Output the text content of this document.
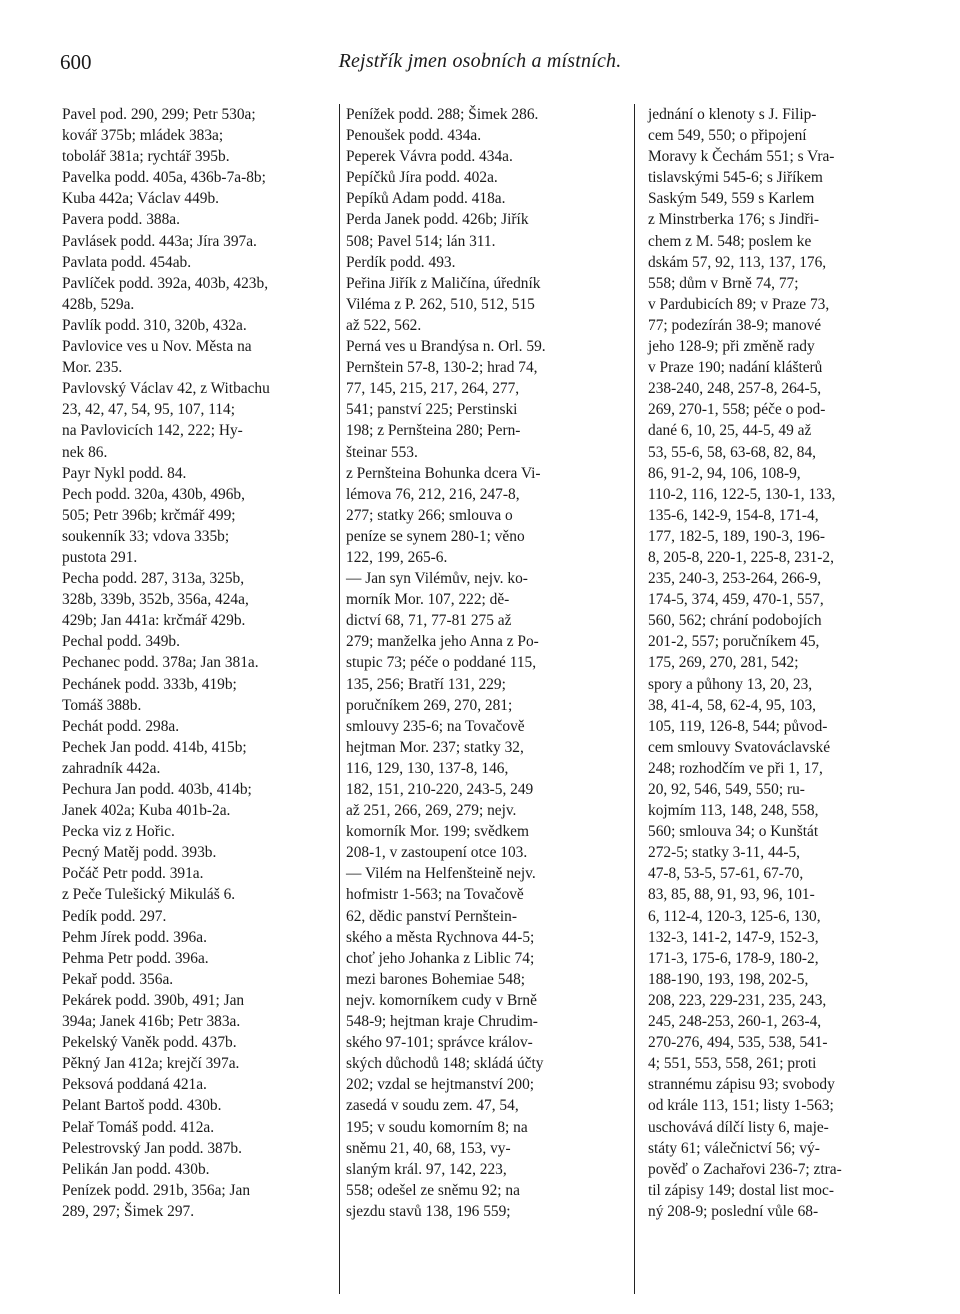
600	Rejstřík jmen osobních a místních.
Pavel pod. 290, 299; Petr 530a;
kovář 375b; mládek 383a;
tobolář 381a; rychtář 395b.
Pavelka podd. 405a, 436b-7a-8b;
Kuba 442a; Václav 449b.
Pavera podd. 388a.
Pavlásek podd. 443a; Jíra 397a.
Pavlata podd. 454ab.
Pavlíček podd. 392a, 403b, 423b,
428b, 529a.
Pavlík podd. 310, 320b, 432a.
Pavlovice ves u Nov. Města na
Mor. 235.
Pavlovský Václav 42, z Witbachu
23, 42, 47, 54, 95, 107, 114;
na Pavlovicích 142, 222; Hy-
nek 86.
Payr Nykl podd. 84.
Pech podd. 320a, 430b, 496b,
505; Petr 396b; krčmář 499;
soukenník 33; vdova 335b;
pustota 291.
Pecha podd. 287, 313a, 325b,
328b, 339b, 352b, 356a, 424a,
429b; Jan 441a: krčmář 429b.
Pechal podd. 349b.
Pechanec podd. 378a; Jan 381a.
Pechánek podd. 333b, 419b;
Tomáš 388b.
Pechát podd. 298a.
Pechek Jan podd. 414b, 415b;
zahradník 442a.
Pechura Jan podd. 403b, 414b;
Janek 402a; Kuba 401b-2a.
Pecka viz z Hořic.
Pecný Matěj podd. 393b.
Počáč Petr podd. 391a.
z Peče Tulešický Mikuláš 6.
Pedík podd. 297.
Pehm Jírek podd. 396a.
Pehma Petr podd. 396a.
Pekař podd. 356a.
Pekárek podd. 390b, 491; Jan
394a; Janek 416b; Petr 383a.
Pekelský Vaněk podd. 437b.
Pěkný Jan 412a; krejčí 397a.
Peksová poddaná 421a.
Pelant Bartoš podd. 430b.
Pelař Tomáš podd. 412a.
Pelestrovský Jan podd. 387b.
Pelikán Jan podd. 430b.
Penízek podd. 291b, 356a; Jan
289, 297; Šimek 297.
Penížek podd. 288; Šimek 286.
Penoušek podd. 434a.
Peperek Vávra podd. 434a.
Pepíčků Jíra podd. 402a.
Pepíků Adam podd. 418a.
Perda Janek podd. 426b; Jiřík
508; Pavel 514; lán 311.
Perdík podd. 493.
Peřina Jiřík z Maličína, úředník
Viléma z P. 262, 510, 512, 515
až 522, 562.
Perná ves u Brandýsa n. Orl. 59.
Pernštein 57-8, 130-2; hrad 74,
77, 145, 215, 217, 264, 277,
541; panství 225; Perstinski
198; z Pernšteina 280; Pern-
šteinar 553.
z Pernšteina Bohunka dcera Vi-
lémova 76, 212, 216, 247-8,
277; statky 266; smlouva o
peníze se synem 280-1; věno
122, 199, 265-6.
— Jan syn Vilémův, nejv. ko-
morník Mor. 107, 222; dě-
dictví 68, 71, 77-81 275 až
279; manželka jeho Anna z Po-
stupic 73; péče o poddané 115,
135, 256; Bratří 131, 229;
poručníkem 269, 270, 281;
smlouvy 235-6; na Tovačově
hejtman Mor. 237; statky 32,
116, 129, 130, 137-8, 146,
182, 151, 210-220, 243-5, 249
až 251, 266, 269, 279; nejv.
komorník Mor. 199; svědkem
208-1, v zastoupení otce 103.
— Vilém na Helfenšteině nejv.
hofmistr 1-563; na Tovačově
62, dědic panství Pernštein-
ského a města Rychnova 44-5;
choť jeho Johanka z Liblic 74;
mezi barones Bohemiae 548;
nejv. komorníkem cudy v Brně
548-9; hejtman kraje Chrudim-
ského 97-101; správce králov-
ských důchodů 148; skládá účty
202; vzdal se hejtmanství 200;
zasedá v soudu zem. 47, 54,
195; v soudu komorním 8; na
sněmu 21, 40, 68, 153, vy-
slaným král. 97, 142, 223,
558; odešel ze sněmu 92; na
sjezdu stavů 138, 196 559;
jednání o klenoty s J. Filip-
cem 549, 550; o připojení
Moravy k Čechám 551; s Vra-
tislavskými 545-6; s Jiříkem
Saským 549, 559 s Karlem
z Minstrberka 176; s Jindři-
chem z M. 548; poslem ke
dskám 57, 92, 113, 137, 176,
558; dům v Brně 74, 77;
v Pardubicích 89; v Praze 73,
77; podezírán 38-9; manové
jeho 128-9; při změně rady
v Praze 190; nadání klášterů
238-240, 248, 257-8, 264-5,
269, 270-1, 558; péče o pod-
dané 6, 10, 25, 44-5, 49 až
53, 55-6, 58, 63-68, 82, 84,
86, 91-2, 94, 106, 108-9,
110-2, 116, 122-5, 130-1, 133,
135-6, 142-9, 154-8, 171-4,
177, 182-5, 189, 190-3, 196-
8, 205-8, 220-1, 225-8, 231-2,
235, 240-3, 253-264, 266-9,
174-5, 374, 459, 470-1, 557,
560, 562; chrání podobojích
201-2, 557; poručníkem 45,
175, 269, 270, 281, 542;
spory a půhony 13, 20, 23,
38, 41-4, 58, 62-4, 95, 103,
105, 119, 126-8, 544; původ-
cem smlouvy Svatováclavské
248; rozhodčím ve při 1, 17,
20, 92, 546, 549, 550; ru-
kojmím 113, 148, 248, 558,
560; smlouva 34; o Kunštát
272-5; statky 3-11, 44-5,
47-8, 53-5, 57-61, 67-70,
83, 85, 88, 91, 93, 96, 101-
6, 112-4, 120-3, 125-6, 130,
132-3, 141-2, 147-9, 152-3,
171-3, 175-6, 178-9, 180-2,
188-190, 193, 198, 202-5,
208, 223, 229-231, 235, 243,
245, 248-253, 260-1, 263-4,
270-276, 494, 535, 538, 541-
4; 551, 553, 558, 261; proti
strannému zápisu 93; svobody
od krále 113, 151; listy 1-563;
uschovává dílčí listy 6, maje-
státy 61; válečnictví 56; vý-
pověď o Zachařovi 236-7; ztra-
til zápisy 149; dostal list moc-
ný 208-9; poslední vůle 68-
